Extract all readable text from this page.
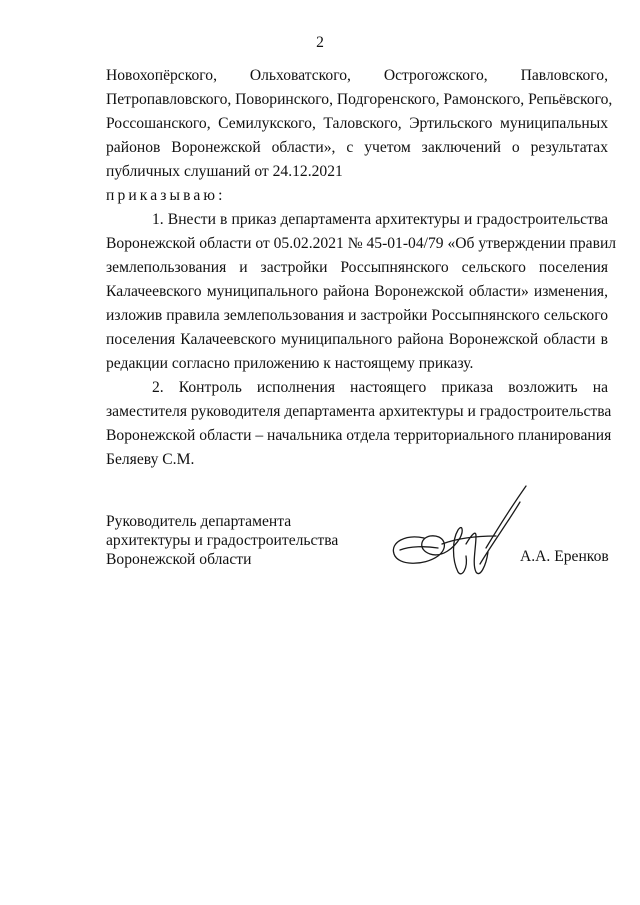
2
Новохопёрского, Ольховатского, Острогожского, Павловского,
Петропавловского, Поворинского, Подгоренского, Рамонского, Репьёвского,
Россошанского, Семилукского, Таловского, Эртильского муниципальных
районов Воронежской области», с учетом заключений о результатах
публичных слушаний от 24.12.2021
приказываю:
1. Внести в приказ департамента архитектуры и градостроительства
Воронежской области от 05.02.2021 № 45-01-04/79 «Об утверждении правил
землепользования и застройки Россыпнянского сельского поселения
Калачеевского муниципального района Воронежской области» изменения,
изложив правила землепользования и застройки Россыпнянского сельского
поселения Калачеевского муниципального района Воронежской области в
редакции согласно приложению к настоящему приказу.
2. Контроль исполнения настоящего приказа возложить на
заместителя руководителя департамента архитектуры и градостроительства
Воронежской области – начальника отдела территориального планирования
Беляеву С.М.
Руководитель департамента
архитектуры и градостроительства
Воронежской области	А.А. Еренков
